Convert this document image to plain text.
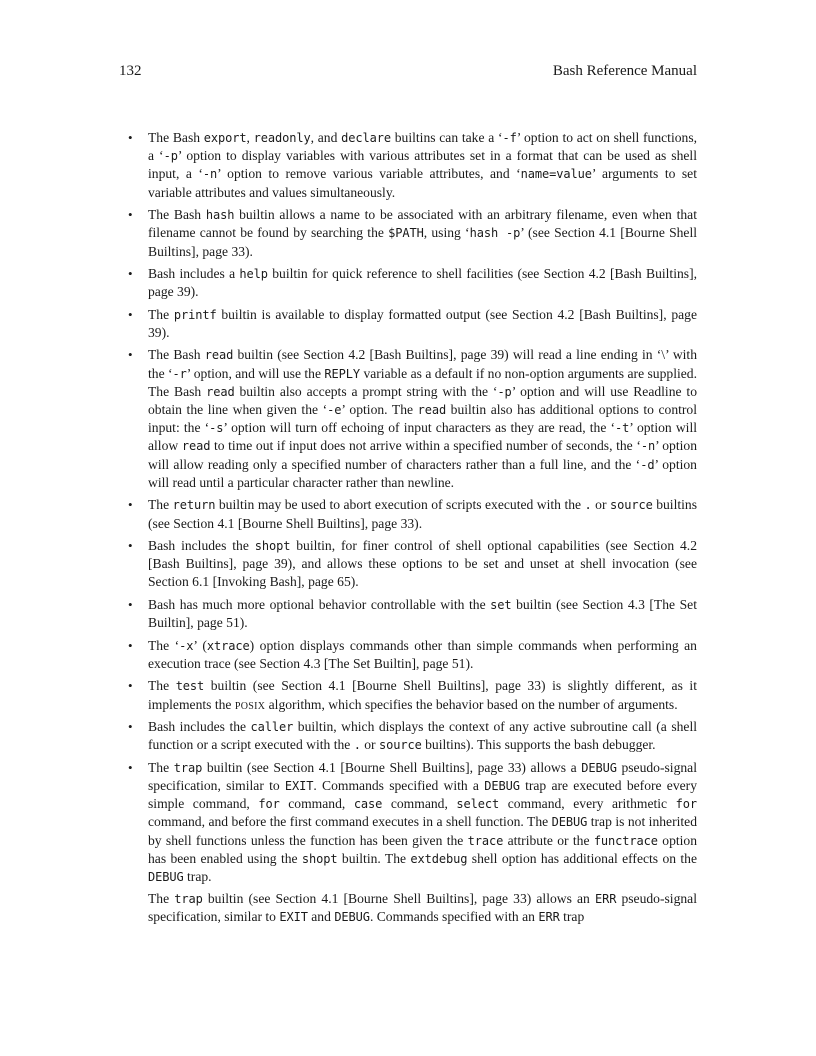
132	Bash Reference Manual
• The Bash export, readonly, and declare builtins can take a ‘-f’ option to act on shell functions, a ‘-p’ option to display variables with various attributes set in a format that can be used as shell input, a ‘-n’ option to remove various variable attributes, and ‘name=value’ arguments to set variable attributes and values simultaneously.

• The Bash hash builtin allows a name to be associated with an arbitrary filename, even when that filename cannot be found by searching the $PATH, using ‘hash -p’ (see Section 4.1 [Bourne Shell Builtins], page 33).

• Bash includes a help builtin for quick reference to shell facilities (see Section 4.2 [Bash Builtins], page 39).

• The printf builtin is available to display formatted output (see Section 4.2 [Bash Builtins], page 39).

• The Bash read builtin (see Section 4.2 [Bash Builtins], page 39) will read a line ending in ‘\’ with the ‘-r’ option, and will use the REPLY variable as a default if no non-option arguments are supplied. The Bash read builtin also accepts a prompt string with the ‘-p’ option and will use Readline to obtain the line when given the ‘-e’ option. The read builtin also has additional options to control input: the ‘-s’ option will turn off echoing of input characters as they are read, the ‘-t’ option will allow read to time out if input does not arrive within a specified number of seconds, the ‘-n’ option will allow reading only a specified number of characters rather than a full line, and the ‘-d’ option will read until a particular character rather than newline.

• The return builtin may be used to abort execution of scripts executed with the . or source builtins (see Section 4.1 [Bourne Shell Builtins], page 33).

• Bash includes the shopt builtin, for finer control of shell optional capabilities (see Section 4.2 [Bash Builtins], page 39), and allows these options to be set and unset at shell invocation (see Section 6.1 [Invoking Bash], page 65).

• Bash has much more optional behavior controllable with the set builtin (see Section 4.3 [The Set Builtin], page 51).

• The ‘-x’ (xtrace) option displays commands other than simple commands when performing an execution trace (see Section 4.3 [The Set Builtin], page 51).

• The test builtin (see Section 4.1 [Bourne Shell Builtins], page 33) is slightly different, as it implements the posix algorithm, which specifies the behavior based on the number of arguments.

• Bash includes the caller builtin, which displays the context of any active subroutine call (a shell function or a script executed with the . or source builtins). This supports the bash debugger.

• The trap builtin (see Section 4.1 [Bourne Shell Builtins], page 33) allows a DEBUG pseudo-signal specification, similar to EXIT. Commands specified with a DEBUG trap are executed before every simple command, for command, case command, select command, every arithmetic for command, and before the first command executes in a shell function. The DEBUG trap is not inherited by shell functions unless the function has been given the trace attribute or the functrace option has been enabled using the shopt builtin. The extdebug shell option has additional effects on the DEBUG trap.

The trap builtin (see Section 4.1 [Bourne Shell Builtins], page 33) allows an ERR pseudo-signal specification, similar to EXIT and DEBUG. Commands specified with an ERR trap
